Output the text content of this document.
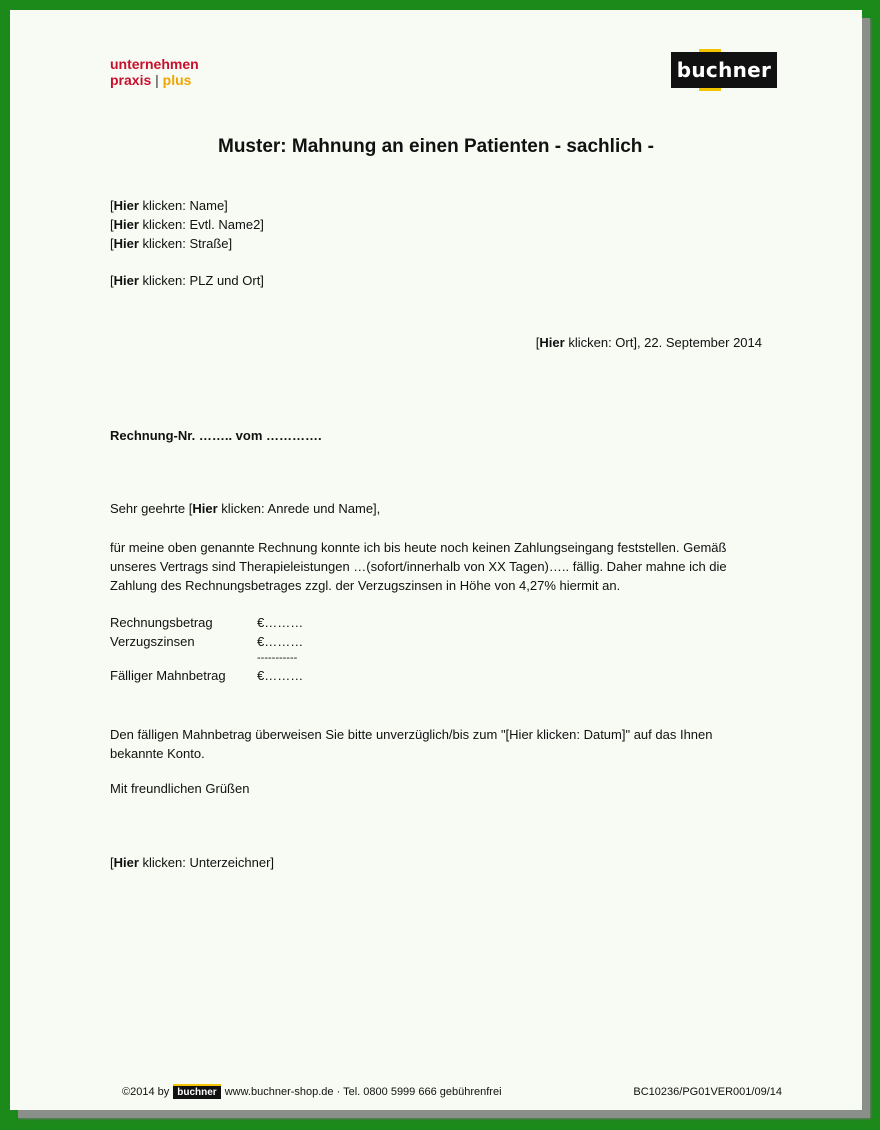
unternehmen
praxis | plus	buchner
Muster: Mahnung an einen Patienten - sachlich -
[Hier klicken: Name]
[Hier klicken: Evtl. Name2]
[Hier klicken: Straße]
[Hier klicken: PLZ und Ort]
[Hier klicken: Ort], 22. September 2014
Rechnung-Nr. …….. vom ………….
Sehr geehrte [Hier klicken: Anrede und Name],
für meine oben genannte Rechnung konnte ich bis heute noch keinen Zahlungseingang feststellen. Gemäß unseres Vertrags sind Therapieleistungen …(sofort/innerhalb von XX Tagen)….. fällig. Daher mahne ich die Zahlung des Rechnungsbetrages zzgl. der Verzugszinsen in Höhe von 4,27% hiermit an.
Rechnungsbetrag	€………
Verzugszinsen	€………
-----------
Fälliger Mahnbetrag	€………
Den fälligen Mahnbetrag überweisen Sie bitte unverzüglich/bis zum "[Hier klicken: Datum]" auf das Ihnen bekannte Konto.
Mit freundlichen Grüßen
[Hier klicken: Unterzeichner]
©2014 by buchner www.buchner-shop.de · Tel. 0800 5999 666 gebührenfrei	BC10236/PG01VER001/09/14
